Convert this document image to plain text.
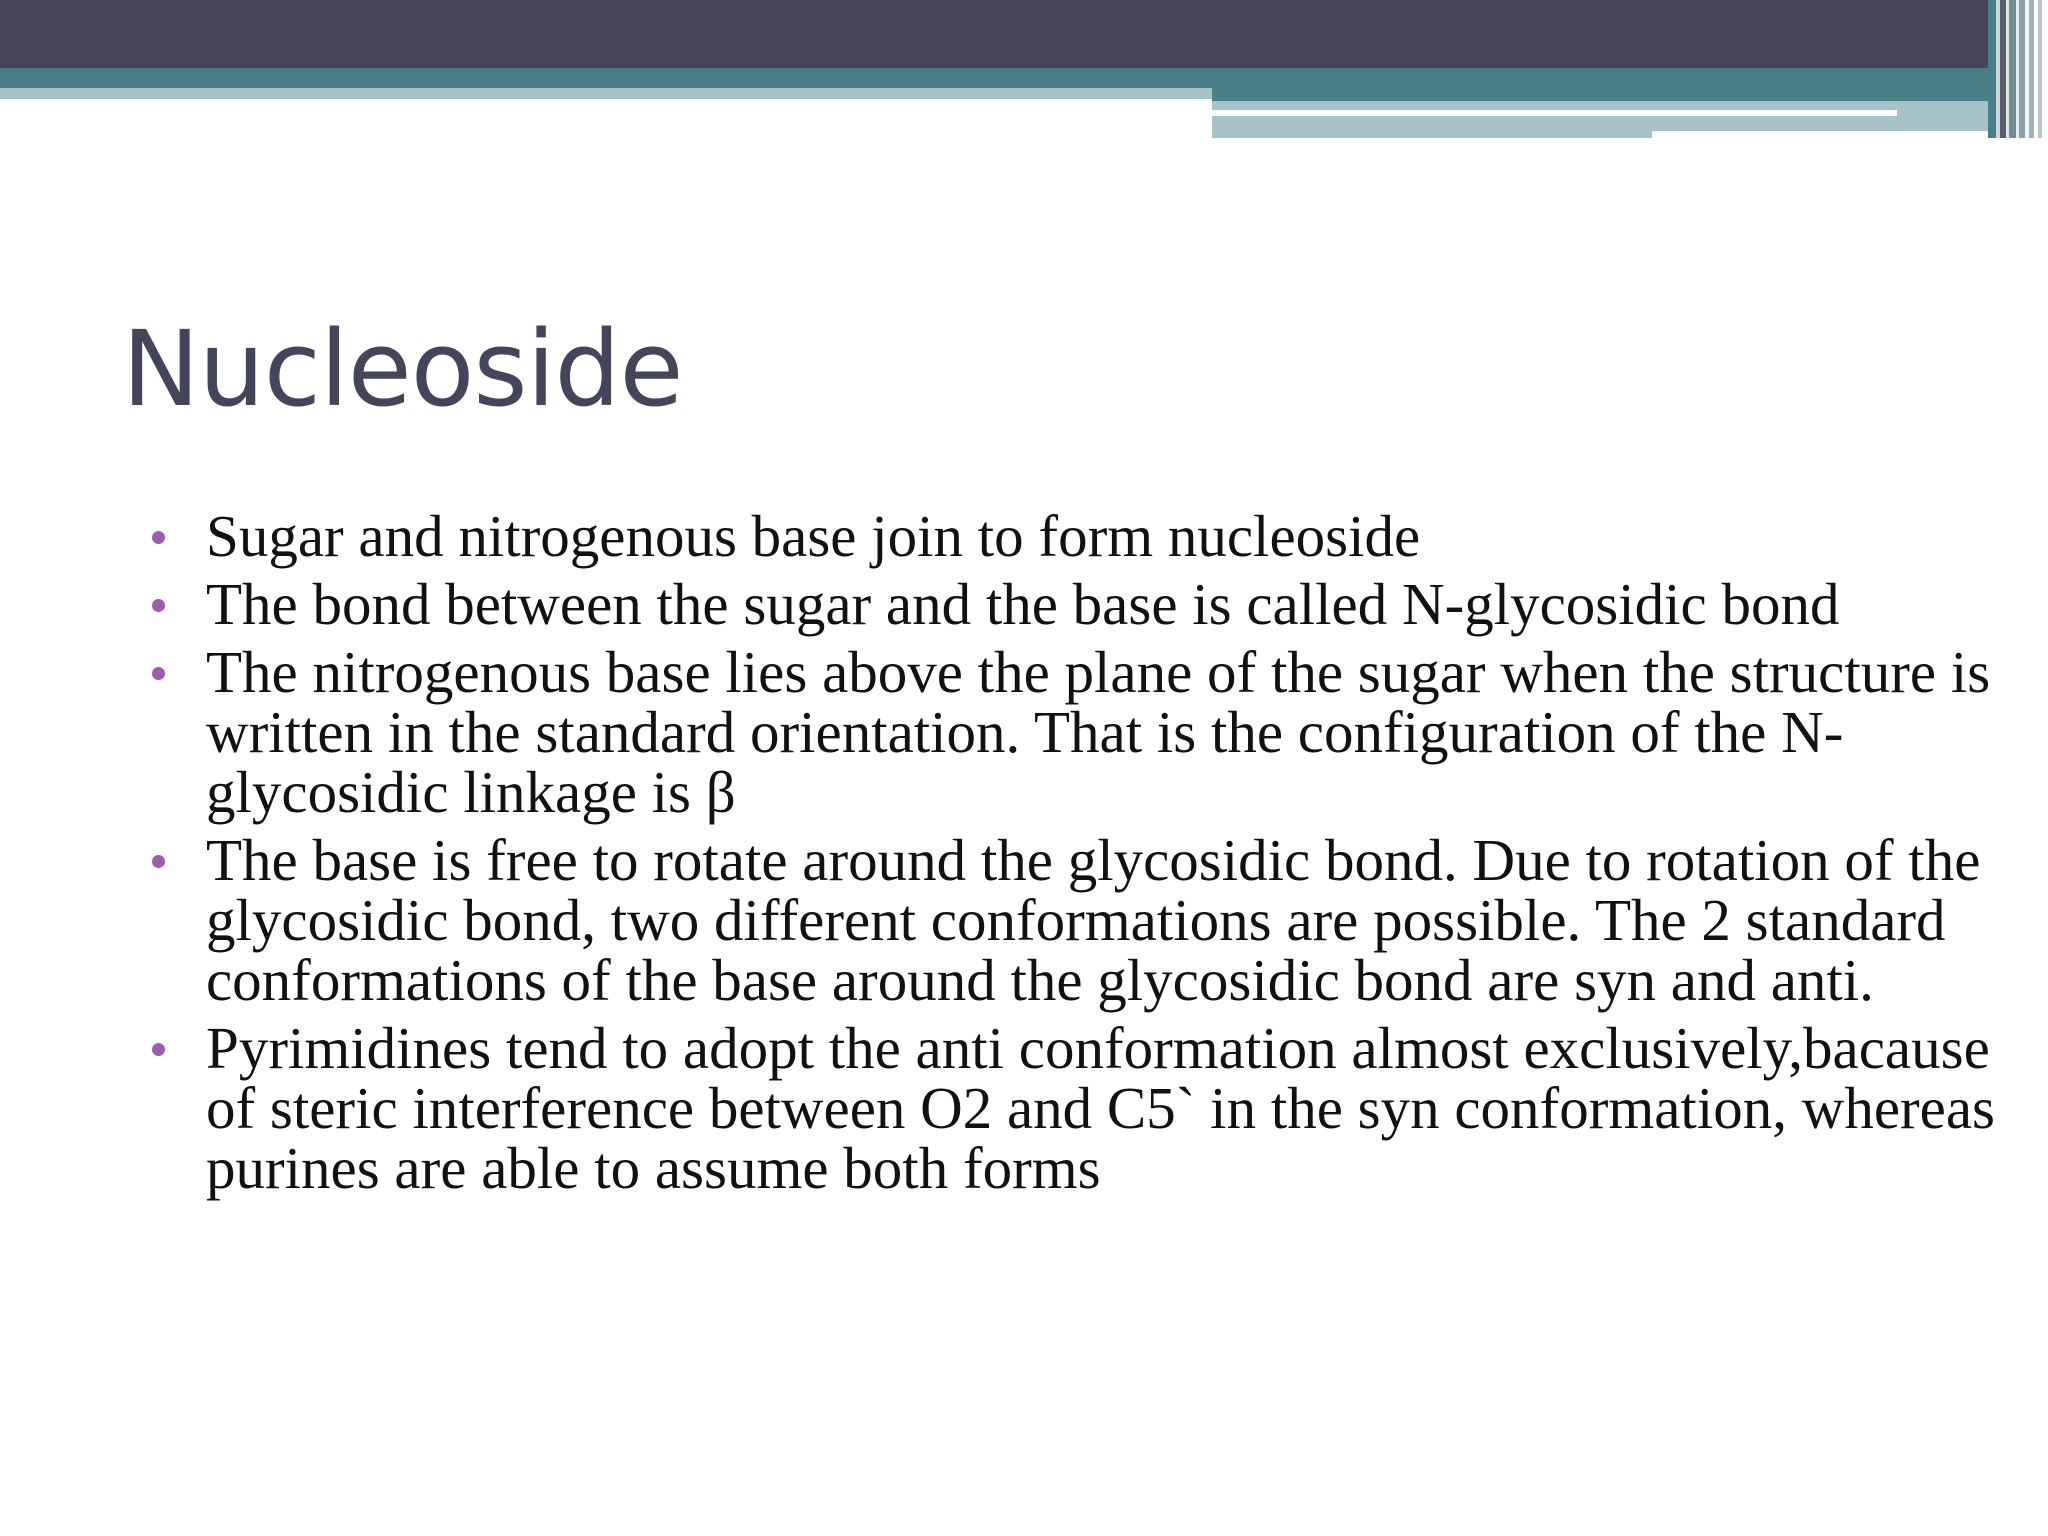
Nucleoside
Sugar and nitrogenous base join to form nucleoside
The bond between the sugar and the base is called N-glycosidic bond
The nitrogenous base lies above the plane of the sugar when the structure is written in the standard orientation. That is the configuration of the N-glycosidic linkage is β
The base is free to rotate around the glycosidic bond. Due to rotation of the glycosidic bond, two different conformations are possible. The 2 standard conformations of the base around the glycosidic bond are syn and anti.
Pyrimidines tend to adopt the anti conformation almost exclusively,bacause of steric interference between O2 and C5` in the syn conformation, whereas purines are able to assume both forms
